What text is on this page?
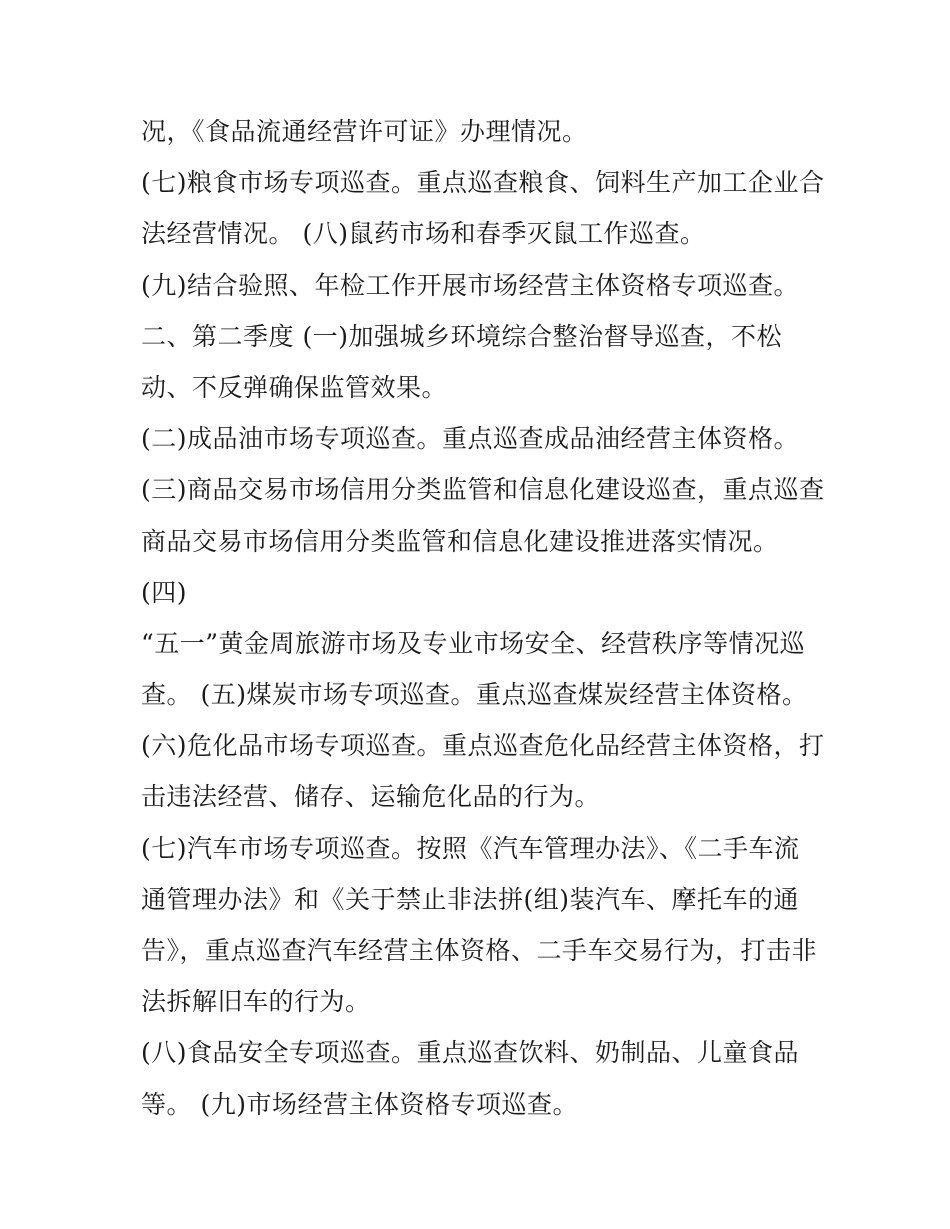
况，《食品流通经营许可证》办理情况。
(七)粮食市场专项巡查。重点巡查粮食、饲料生产加工企业合
法经营情况。 (八)鼠药市场和春季灭鼠工作巡查。
(九)结合验照、年检工作开展市场经营主体资格专项巡查。
二、第二季度 (一)加强城乡环境综合整治督导巡查，不松
动、不反弹确保监管效果。
(二)成品油市场专项巡查。重点巡查成品油经营主体资格。
(三)商品交易市场信用分类监管和信息化建设巡查，重点巡查
商品交易市场信用分类监管和信息化建设推进落实情况。
(四)
“五一”黄金周旅游市场及专业市场安全、经营秩序等情况巡
查。 (五)煤炭市场专项巡查。重点巡查煤炭经营主体资格。
(六)危化品市场专项巡查。重点巡查危化品经营主体资格，打
击违法经营、储存、运输危化品的行为。
(七)汽车市场专项巡查。按照《汽车管理办法》、《二手车流
通管理办法》和《关于禁止非法拼(组)装汽车、摩托车的通
告》，重点巡查汽车经营主体资格、二手车交易行为，打击非
法拆解旧车的行为。
(八)食品安全专项巡查。重点巡查饮料、奶制品、儿童食品
等。 (九)市场经营主体资格专项巡查。
